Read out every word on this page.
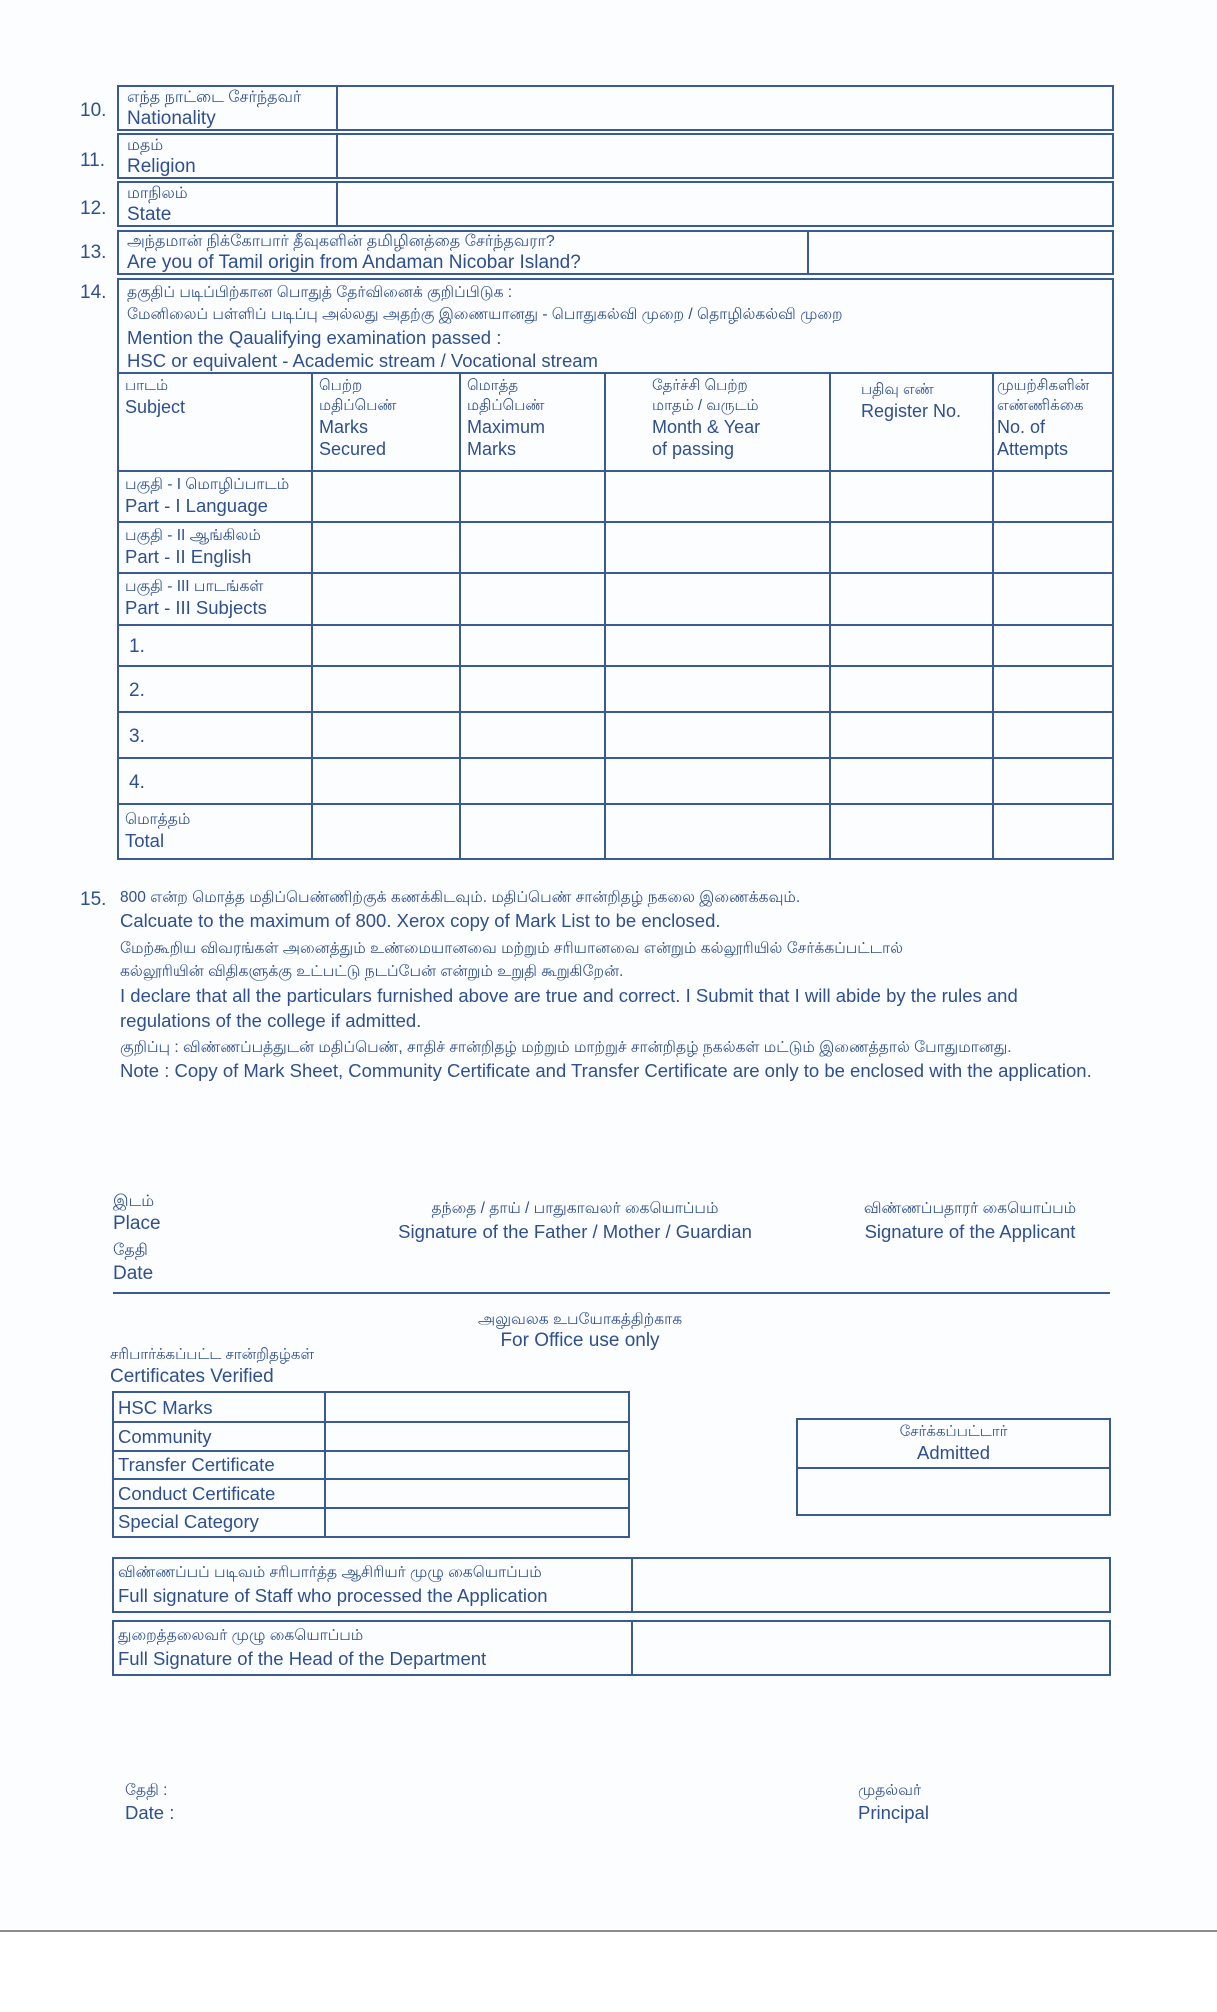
10.
எந்த நாட்டை சேர்ந்தவர்
Nationality
11.
மதம்
Religion
12.
மாநிலம்
State
13.
அந்தமான் நிக்கோபார் தீவுகளின் தமிழினத்தை சேர்ந்தவரா?
Are you of Tamil origin from Andaman Nicobar Island?
14. தகுதிப் படிப்பிற்கான பொதுத் தேர்வினைக் குறிப்பிடுக :
மேனிலைப் பள்ளிப் படிப்பு அல்லது அதற்கு இணையானது - பொதுகல்வி முறை / தொழில்கல்வி முறை
Mention the Qaualifying examination passed :
HSC or equivalent - Academic stream / Vocational stream
பாடம்
Subject
பெற்ற
மதிப்பெண்
Marks
Secured
மொத்த
மதிப்பெண்
Maximum
Marks
தேர்ச்சி பெற்ற
மாதம் / வருடம்
Month & Year
of passing
பதிவு எண்
Register No.
முயற்சிகளின்
எண்ணிக்கை
No. of
Attempts
பகுதி - I மொழிப்பாடம்
Part - I Language
பகுதி - II ஆங்கிலம்
Part - II English
பகுதி - III பாடங்கள்
Part - III Subjects
1.
2.
3.
4.
மொத்தம்
Total
15. 800 என்ற மொத்த மதிப்பெண்ணிற்குக் கணக்கிடவும். மதிப்பெண் சான்றிதழ் நகலை இணைக்கவும்.
Calcuate to the maximum of 800. Xerox copy of Mark List to be enclosed.
மேற்கூறிய விவரங்கள் அனைத்தும் உண்மையானவை மற்றும் சரியானவை என்றும் கல்லூரியில் சேர்க்கப்பட்டால்
கல்லூரியின் விதிகளுக்கு உட்பட்டு நடப்பேன் என்றும் உறுதி கூறுகிறேன்.
I declare that all the particulars furnished above are true and correct. I Submit that I will abide by the rules and
regulations of the college if admitted.
குறிப்பு : விண்ணப்பத்துடன் மதிப்பெண், சாதிச் சான்றிதழ் மற்றும் மாற்றுச் சான்றிதழ் நகல்கள் மட்டும் இணைத்தால் போதுமானது.
Note : Copy of Mark Sheet, Community Certificate and Transfer Certificate are only to be enclosed with the application.
இடம்
Place
தேதி
Date
தந்தை / தாய் / பாதுகாவலர் கையொப்பம்
Signature of the Father / Mother / Guardian
விண்ணப்பதாரர் கையொப்பம்
Signature of the Applicant
அலுவலக உபயோகத்திற்காக
For Office use only
சரிபார்க்கப்பட்ட சான்றிதழ்கள்
Certificates Verified
HSC Marks
Community
Transfer Certificate
Conduct Certificate
Special Category
சேர்க்கப்பட்டார்
Admitted
விண்ணப்பப் படிவம் சரிபார்த்த ஆசிரியர் முழு கையொப்பம்
Full signature of Staff who processed the Application
துறைத்தலைவர் முழு கையொப்பம்
Full Signature of the Head of the Department
தேதி :
Date :
முதல்வர்
Principal
